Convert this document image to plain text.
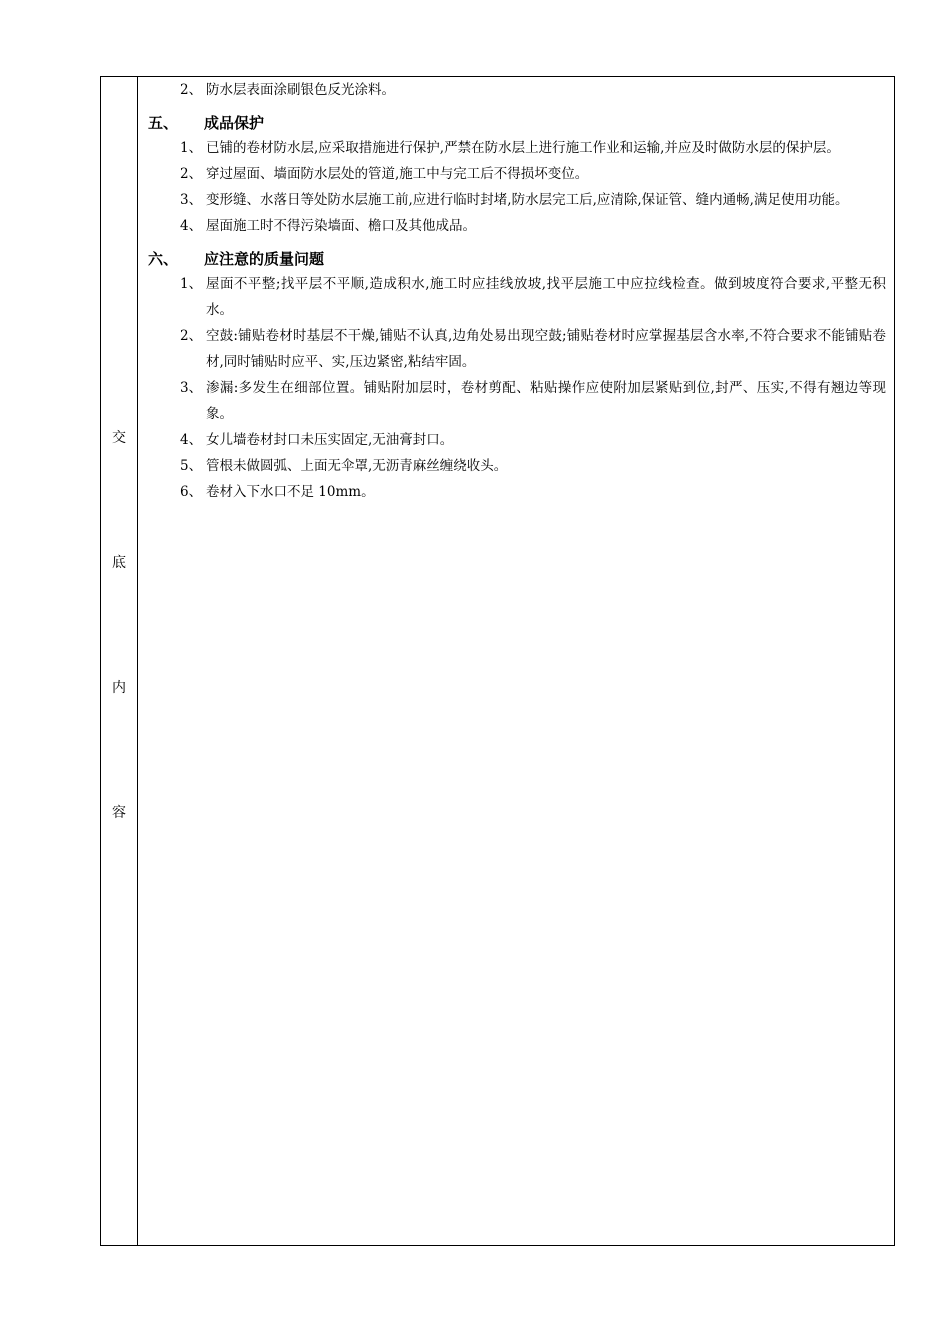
交
底
内
容
2、 防水层表面涂刷银色反光涂料。
五、 成品保护
1、 已铺的卷材防水层,应采取措施进行保护,严禁在防水层上进行施工作业和运输,并应及时做防水层的保护层。
2、 穿过屋面、墙面防水层处的管道,施工中与完工后不得损坏变位。
3、 变形缝、水落日等处防水层施工前,应进行临时封堵,防水层完工后,应清除,保证管、缝内通畅,满足使用功能。
4、 屋面施工时不得污染墙面、檐口及其他成品。
六、 应注意的质量问题
1、 屋面不平整;找平层不平顺,造成积水,施工时应挂线放坡,找平层施工中应拉线检查。做到坡度符合要求,平整无积水。
2、 空鼓:铺贴卷材时基层不干燥,铺贴不认真,边角处易出现空鼓;铺贴卷材时应掌握基层含水率,不符合要求不能铺贴卷材,同时铺贴时应平、实,压边紧密,粘结牢固。
3、 渗漏:多发生在细部位置。铺贴附加层时，卷材剪配、粘贴操作应使附加层紧贴到位,封严、压实,不得有翘边等现象。
4、 女儿墙卷材封口未压实固定,无油膏封口。
5、 管根未做圆弧、上面无伞罩,无沥青麻丝缠绕收头。
6、 卷材入下水口不足 10mm。
